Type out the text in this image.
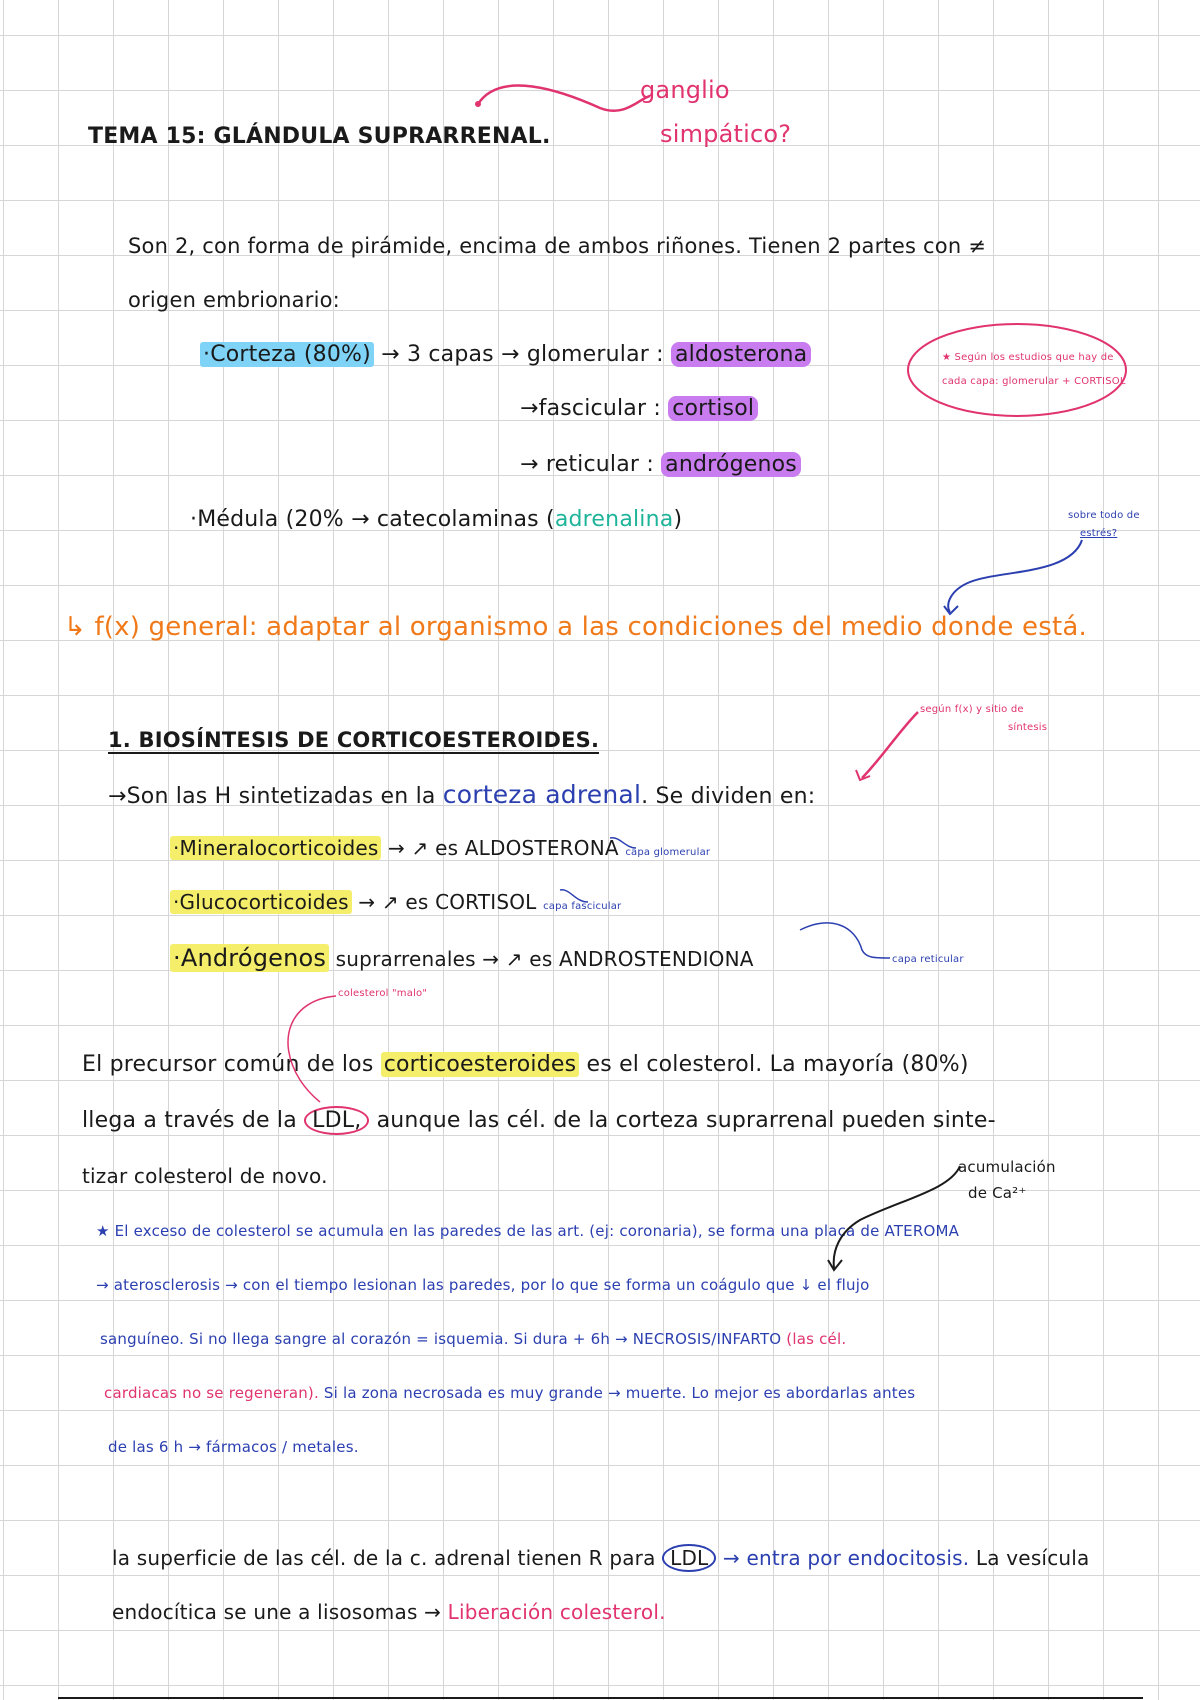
TEMA 15: GLÁNDULA SUPRARRENAL.
ganglio
simpático?
Son 2, con forma de pirámide, encima de ambos riñones. Tienen 2 partes con ≠
origen embrionario:
·Corteza (80%) → 3 capas → glomerular : aldosterona
→fascicular : cortisol
→ reticular : andrógenos
·Médula (20% → catecolaminas (adrenalina)
★ Según los estudios que hay de
cada capa: glomerular + CORTISOL
sobre todo de
estrés?
↳ f(x) general: adaptar al organismo a las condiciones del medio donde está.
1. BIOSÍNTESIS DE CORTICOESTEROIDES.
según f(x) y sitio de
síntesis
→Son las H sintetizadas en la corteza adrenal. Se dividen en:
·Mineralocorticoides → ↗ es ALDOSTERONA capa glomerular
·Glucocorticoides → ↗ es CORTISOL capa fascicular
·Andrógenos suprarrenales → ↗ es ANDROSTENDIONA	capa reticular
colesterol "malo"
El precursor común de los corticoesteroides es el colesterol. La mayoría (80%)
llega a través de la LDL, aunque las cél. de la corteza suprarrenal pueden sinte-
tizar colesterol de novo.	acumulación
de Ca²⁺
★ El exceso de colesterol se acumula en las paredes de las art. (ej: coronaria), se forma una placa de ATEROMA
→ aterosclerosis → con el tiempo lesionan las paredes, por lo que se forma un coágulo que ↓ el flujo
sanguíneo. Si no llega sangre al corazón = isquemia. Si dura + 6h → NECROSIS/INFARTO (las cél.
cardiacas no se regeneran). Si la zona necrosada es muy grande → muerte. Lo mejor es abordarlas antes
de las 6 h → fármacos / metales.
la superficie de las cél. de la c. adrenal tienen R para LDL → entra por endocitosis. La vesícula
endocítica se une a lisosomas → Liberación colesterol.
